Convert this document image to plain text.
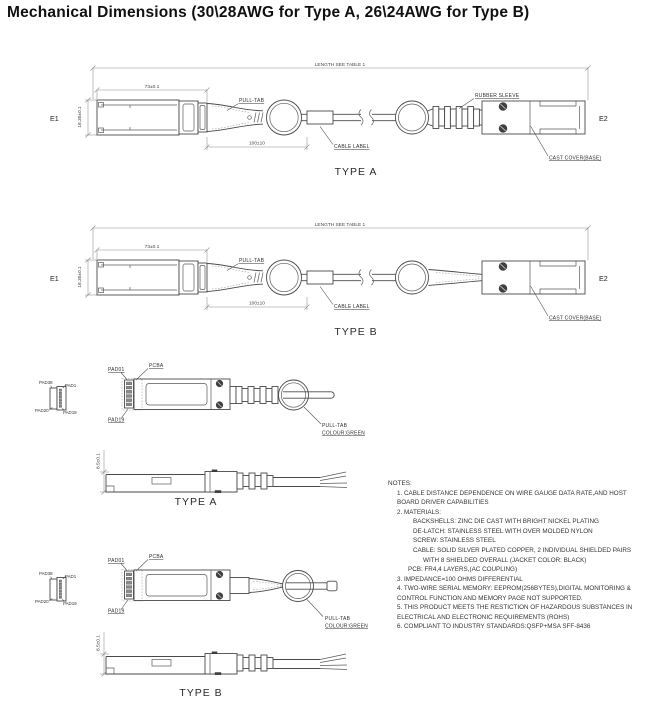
Mechanical Dimensions (30\28AWG for Type A, 26\24AWG for Type B)
RUBBER SLEEVE
TYPE A
TYPE B
PULL-TAB
COLOUR:GREEN
TYPE A
PULL-TAB
COLOUR:GREEN
TYPE B
NOTES:
1. CABLE DISTANCE DEPENDENCE ON WIRE GAUGE DATA RATE,AND HOST BOARD DRIVER CAPABILITIES
2. MATERIALS:
BACKSHELLS: ZINC DIE CAST WITH BRIGHT NICKEL PLATING
DE-LATCH: STAINLESS STEEL WITH OVER MOLDED NYLON
SCREW: STAINLESS STEEL
CABLE: SOLID SILVER PLATED COPPER, 2 INDIVIDUAL SHIELDED PAIRS WITH 8 SHIELDED OVERALL (JACKET COLOR: BLACK)
PCB: FR4,4 LAYERS,(AC COUPLING)
3. IMPEDANCE=100 OHMS DIFFERENTIAL
4. TWO-WIRE SERIAL MEMORY: EEPROM(256BYTES),DIGITAL MONITORING & CONTROL FUNCTION AND MEMORY PAGE NOT SUPPORTED.
5. THIS PRODUCT MEETS THE RESTICTION OF HAZARDOUS SUBSTANCES IN ELECTRICAL AND ELECTRONIC REQUIREMENTS (ROHS)
6. COMPLIANT TO INDUSTRY STANDARDS:QSFP+MSA SFF-8436
